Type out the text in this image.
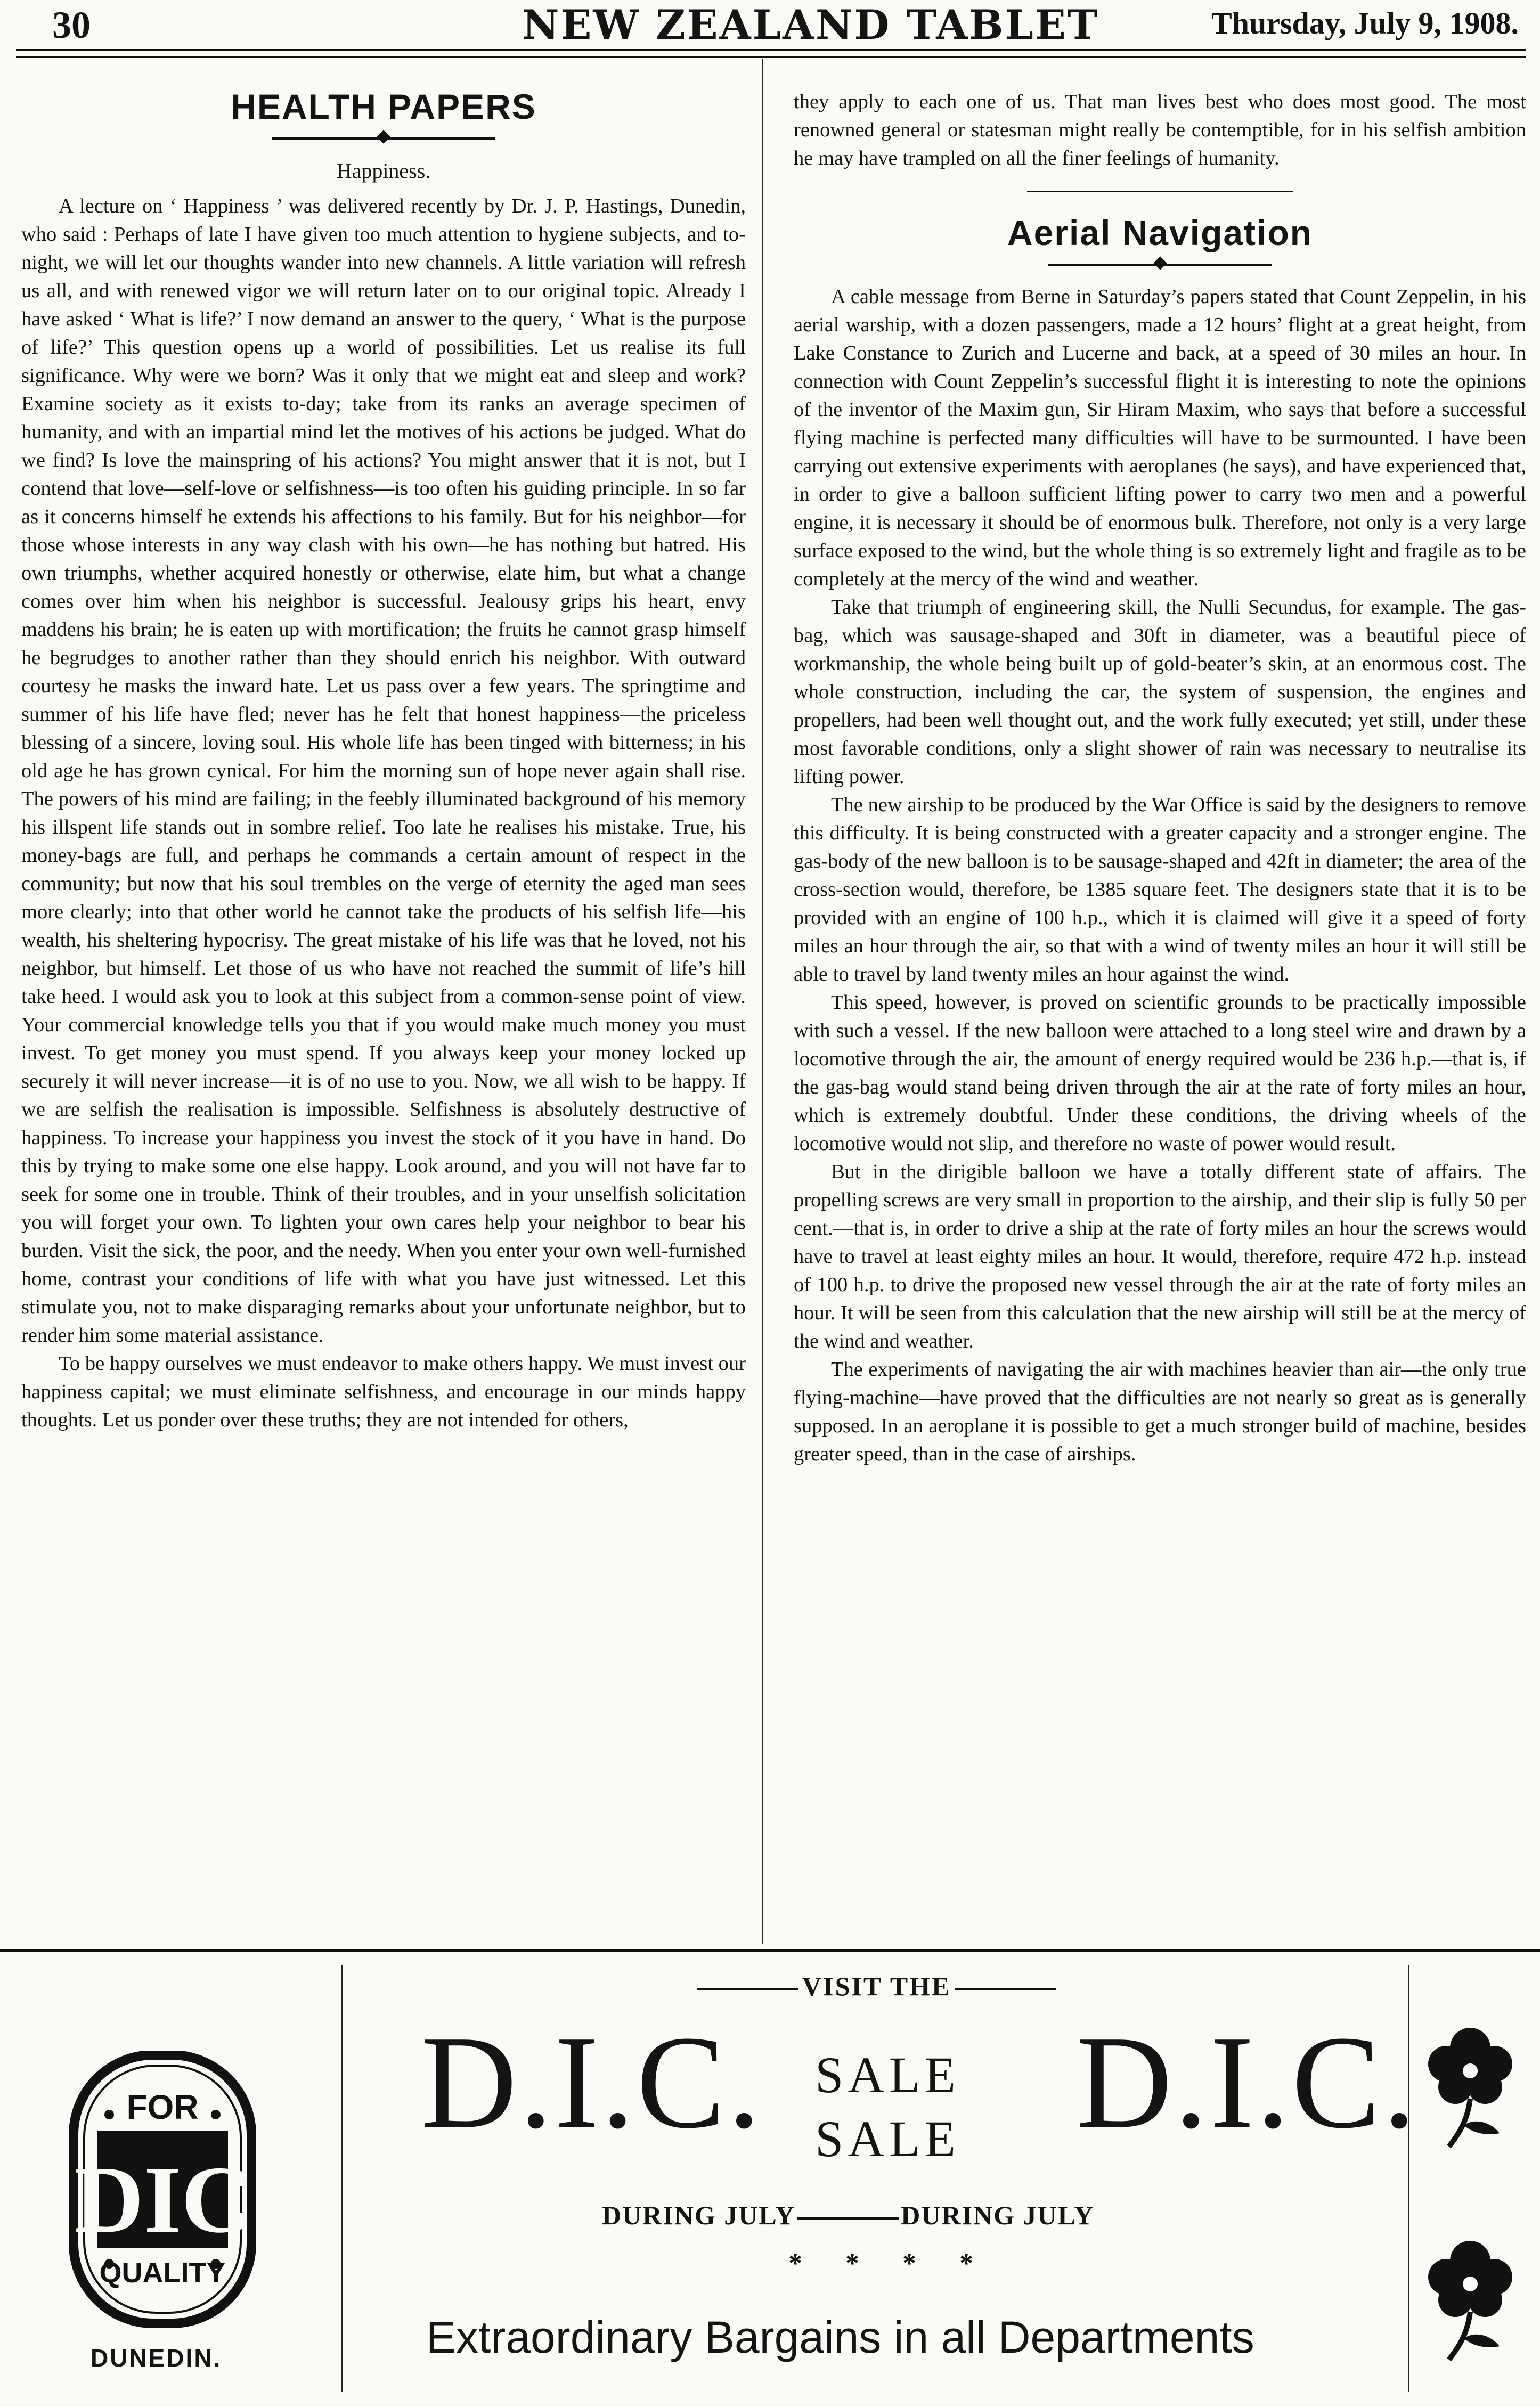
30	NEW ZEALAND TABLET	Thursday, July 9, 1908.
HEALTH PAPERS
Happiness.

A lecture on ‘ Happiness ’ was delivered recently by Dr. J. P. Hastings, Dunedin, who said : Perhaps of late I have given too much attention to hygiene subjects, and to-night, we will let our thoughts wander into new channels. A little variation will refresh us all, and with renewed vigor we will return later on to our original topic. Already I have asked ‘ What is life?’ I now demand an answer to the query, ‘ What is the purpose of life?’ This question opens up a world of possibilities. Let us realise its full significance. Why were we born? Was it only that we might eat and sleep and work? Examine society as it exists to-day; take from its ranks an average specimen of humanity, and with an impartial mind let the motives of his actions be judged. What do we find? Is love the mainspring of his actions? You might answer that it is not, but I contend that love—self-love or selfishness—is too often his guiding principle. In so far as it concerns himself he extends his affections to his family. But for his neighbor—for those whose interests in any way clash with his own—he has nothing but hatred. His own triumphs, whether acquired honestly or otherwise, elate him, but what a change comes over him when his neighbor is successful. Jealousy grips his heart, envy maddens his brain; he is eaten up with mortification; the fruits he cannot grasp himself he begrudges to another rather than they should enrich his neighbor. With outward courtesy he masks the inward hate. Let us pass over a few years. The springtime and summer of his life have fled; never has he felt that honest happiness—the priceless blessing of a sincere, loving soul. His whole life has been tinged with bitterness; in his old age he has grown cynical. For him the morning sun of hope never again shall rise. The powers of his mind are failing; in the feebly illuminated background of his memory his illspent life stands out in sombre relief. Too late he realises his mistake. True, his money-bags are full, and perhaps he commands a certain amount of respect in the community; but now that his soul trembles on the verge of eternity the aged man sees more clearly; into that other world he cannot take the products of his selfish life—his wealth, his sheltering hypocrisy. The great mistake of his life was that he loved, not his neighbor, but himself. Let those of us who have not reached the summit of life’s hill take heed. I would ask you to look at this subject from a common-sense point of view. Your commercial knowledge tells you that if you would make much money you must invest. To get money you must spend. If you always keep your money locked up securely it will never increase—it is of no use to you. Now, we all wish to be happy. If we are selfish the realisation is impossible. Selfishness is absolutely destructive of happiness. To increase your happiness you invest the stock of it you have in hand. Do this by trying to make some one else happy. Look around, and you will not have far to seek for some one in trouble. Think of their troubles, and in your unselfish solicitation you will forget your own. To lighten your own cares help your neighbor to bear his burden. Visit the sick, the poor, and the needy. When you enter your own well-furnished home, contrast your conditions of life with what you have just witnessed. Let this stimulate you, not to make disparaging remarks about your unfortunate neighbor, but to render him some material assistance.

To be happy ourselves we must endeavor to make others happy. We must invest our happiness capital; we must eliminate selfishness, and encourage in our minds happy thoughts. Let us ponder over these truths; they are not intended for others,

they apply to each one of us. That man lives best who does most good. The most renowned general or statesman might really be contemptible, for in his selfish ambition he may have trampled on all the finer feelings of humanity.

Aerial Navigation

A cable message from Berne in Saturday’s papers stated that Count Zeppelin, in his aerial warship, with a dozen passengers, made a 12 hours’ flight at a great height, from Lake Constance to Zurich and Lucerne and back, at a speed of 30 miles an hour. In connection with Count Zeppelin’s successful flight it is interesting to note the opinions of the inventor of the Maxim gun, Sir Hiram Maxim, who says that before a successful flying machine is perfected many difficulties will have to be surmounted. I have been carrying out extensive experiments with aeroplanes (he says), and have experienced that, in order to give a balloon sufficient lifting power to carry two men and a powerful engine, it is necessary it should be of enormous bulk. Therefore, not only is a very large surface exposed to the wind, but the whole thing is so extremely light and fragile as to be completely at the mercy of the wind and weather.

Take that triumph of engineering skill, the Nulli Secundus, for example. The gas-bag, which was sausage-shaped and 30ft in diameter, was a beautiful piece of workmanship, the whole being built up of gold-beater’s skin, at an enormous cost. The whole construction, including the car, the system of suspension, the engines and propellers, had been well thought out, and the work fully executed; yet still, under these most favorable conditions, only a slight shower of rain was necessary to neutralise its lifting power.

The new airship to be produced by the War Office is said by the designers to remove this difficulty. It is being constructed with a greater capacity and a stronger engine. The gas-body of the new balloon is to be sausage-shaped and 42ft in diameter; the area of the cross-section would, therefore, be 1385 square feet. The designers state that it is to be provided with an engine of 100 h.p., which it is claimed will give it a speed of forty miles an hour through the air, so that with a wind of twenty miles an hour it will still be able to travel by land twenty miles an hour against the wind.

This speed, however, is proved on scientific grounds to be practically impossible with such a vessel. If the new balloon were attached to a long steel wire and drawn by a locomotive through the air, the amount of energy required would be 236 h.p.—that is, if the gas-bag would stand being driven through the air at the rate of forty miles an hour, which is extremely doubtful. Under these conditions, the driving wheels of the locomotive would not slip, and therefore no waste of power would result.

But in the dirigible balloon we have a totally different state of affairs. The propelling screws are very small in proportion to the airship, and their slip is fully 50 per cent.—that is, in order to drive a ship at the rate of forty miles an hour the screws would have to travel at least eighty miles an hour. It would, therefore, require 472 h.p. instead of 100 h.p. to drive the proposed new vessel through the air at the rate of forty miles an hour. It will be seen from this calculation that the new airship will still be at the mercy of the wind and weather.

The experiments of navigating the air with machines heavier than air—the only true flying-machine—have proved that the difficulties are not nearly so great as is generally supposed. In an aeroplane it is possible to get a much stronger build of machine, besides greater speed, than in the case of airships.

FOR
DIC
QUALITY
DUNEDIN.
VISIT THE
D.I.C. D.I.C.
SALE
SALE
DURING JULY	DURING JULY
* * * *
Extraordinary Bargains in all Departments
